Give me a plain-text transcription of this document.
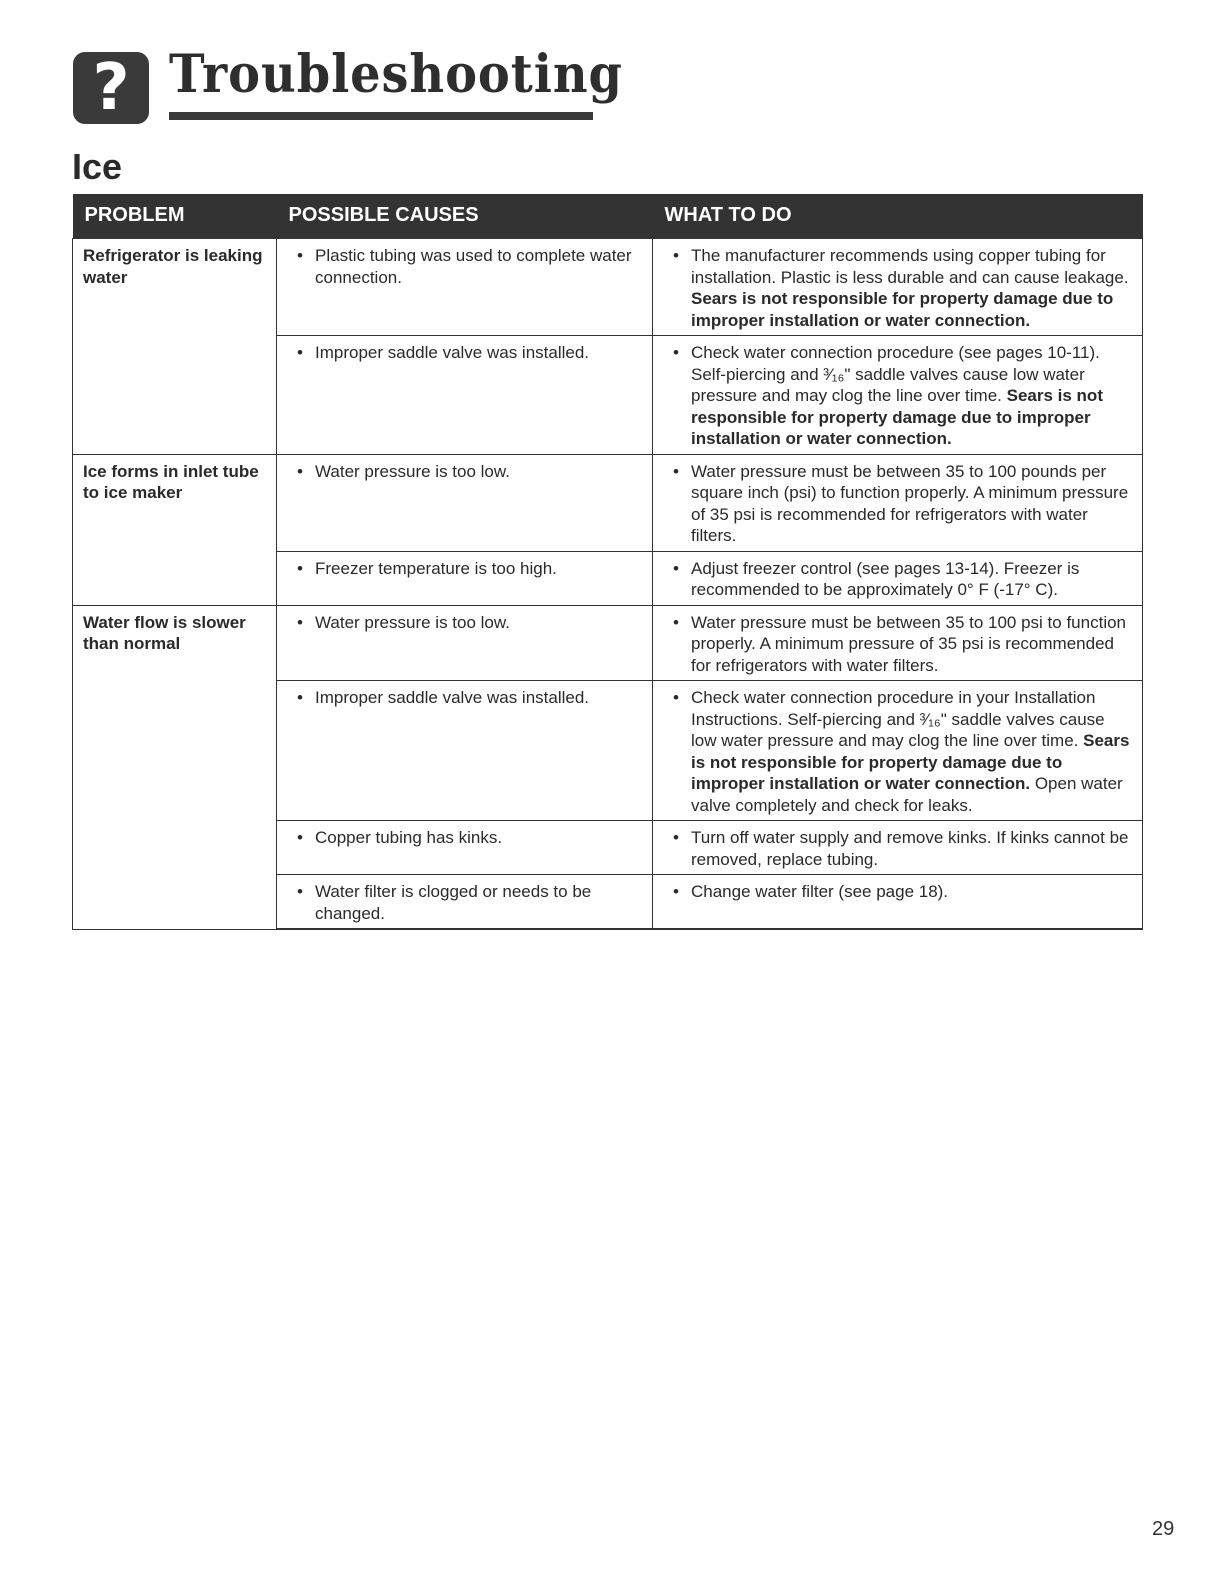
? Troubleshooting
Ice
PROBLEM	POSSIBLE CAUSES	WHAT TO DO
Refrigerator is leaking water	• Plastic tubing was used to complete water connection.	• The manufacturer recommends using copper tubing for installation. Plastic is less durable and can cause leakage. Sears is not responsible for property damage due to improper installation or water connection.

	• Improper saddle valve was installed.	• Check water connection procedure (see pages 10-11). Self-piercing and ³⁄₁₆" saddle valves cause low water pressure and may clog the line over time. Sears is not responsible for property damage due to improper installation or water connection.

Ice forms in inlet tube to ice maker	• Water pressure is too low.	• Water pressure must be between 35 to 100 pounds per square inch (psi) to function properly. A minimum pressure of 35 psi is recommended for refrigerators with water filters.

	• Freezer temperature is too high.	• Adjust freezer control (see pages 13-14). Freezer is recommended to be approximately 0° F (-17° C).

Water flow is slower than normal	• Water pressure is too low.	• Water pressure must be between 35 to 100 psi to function properly. A minimum pressure of 35 psi is recommended for refrigerators with water filters.

	• Improper saddle valve was installed.	• Check water connection procedure in your Installation Instructions. Self-piercing and ³⁄₁₆" saddle valves cause low water pressure and may clog the line over time. Sears is not responsible for property damage due to improper installation or water connection. Open water valve completely and check for leaks.

	• Copper tubing has kinks.	• Turn off water supply and remove kinks. If kinks cannot be removed, replace tubing.

	• Water filter is clogged or needs to be changed.	• Change water filter (see page 18).
29
